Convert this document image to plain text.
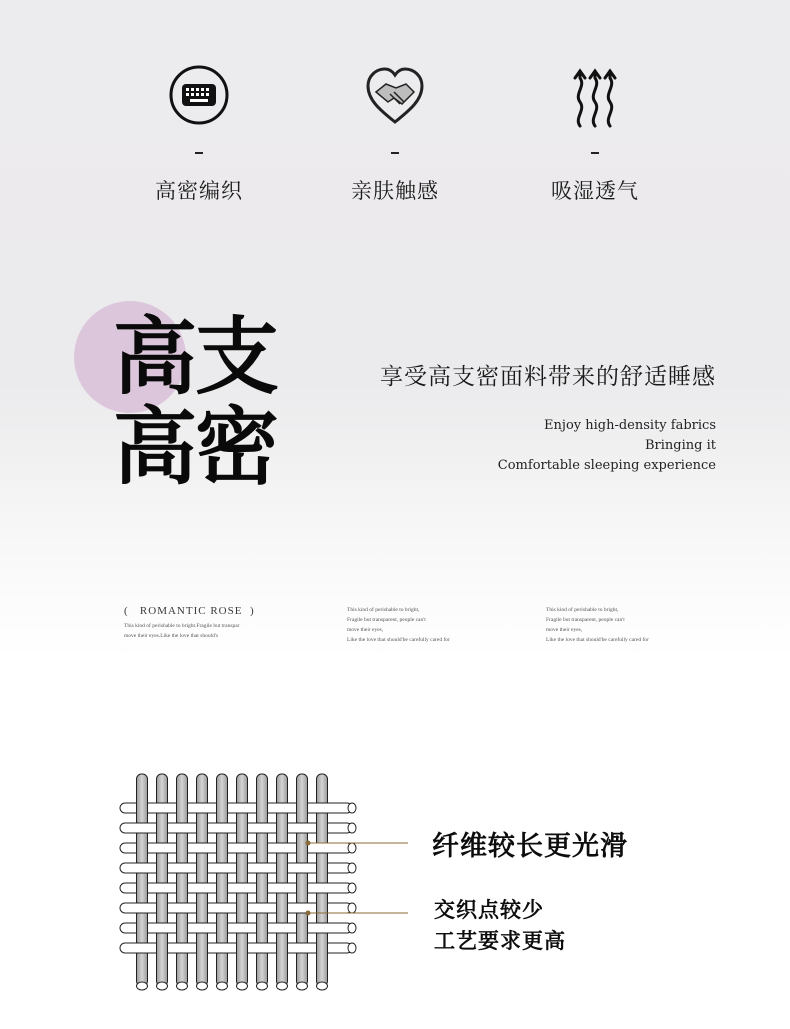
高密编织	亲肤触感	吸湿透气
高支
高密
享受高支密面料带来的舒适睡感
Enjoy high-density fabrics
Bringing it
Comfortable sleeping experience
(   ROMANTIC ROSE  )
This kind of perishable to bright.Fragile but transpar
move their eyes.Like the love that should's
This kind of perishable to bright,
Fragile but transparent, people can't
move their eyes,
Like the love that should'be carefully cared for
This kind of perishable to bright,
Fragile but transparent, people can't
move their eyes,
Like the love that should'be carefully cared for
纤维较长更光滑
交织点较少
工艺要求更高
